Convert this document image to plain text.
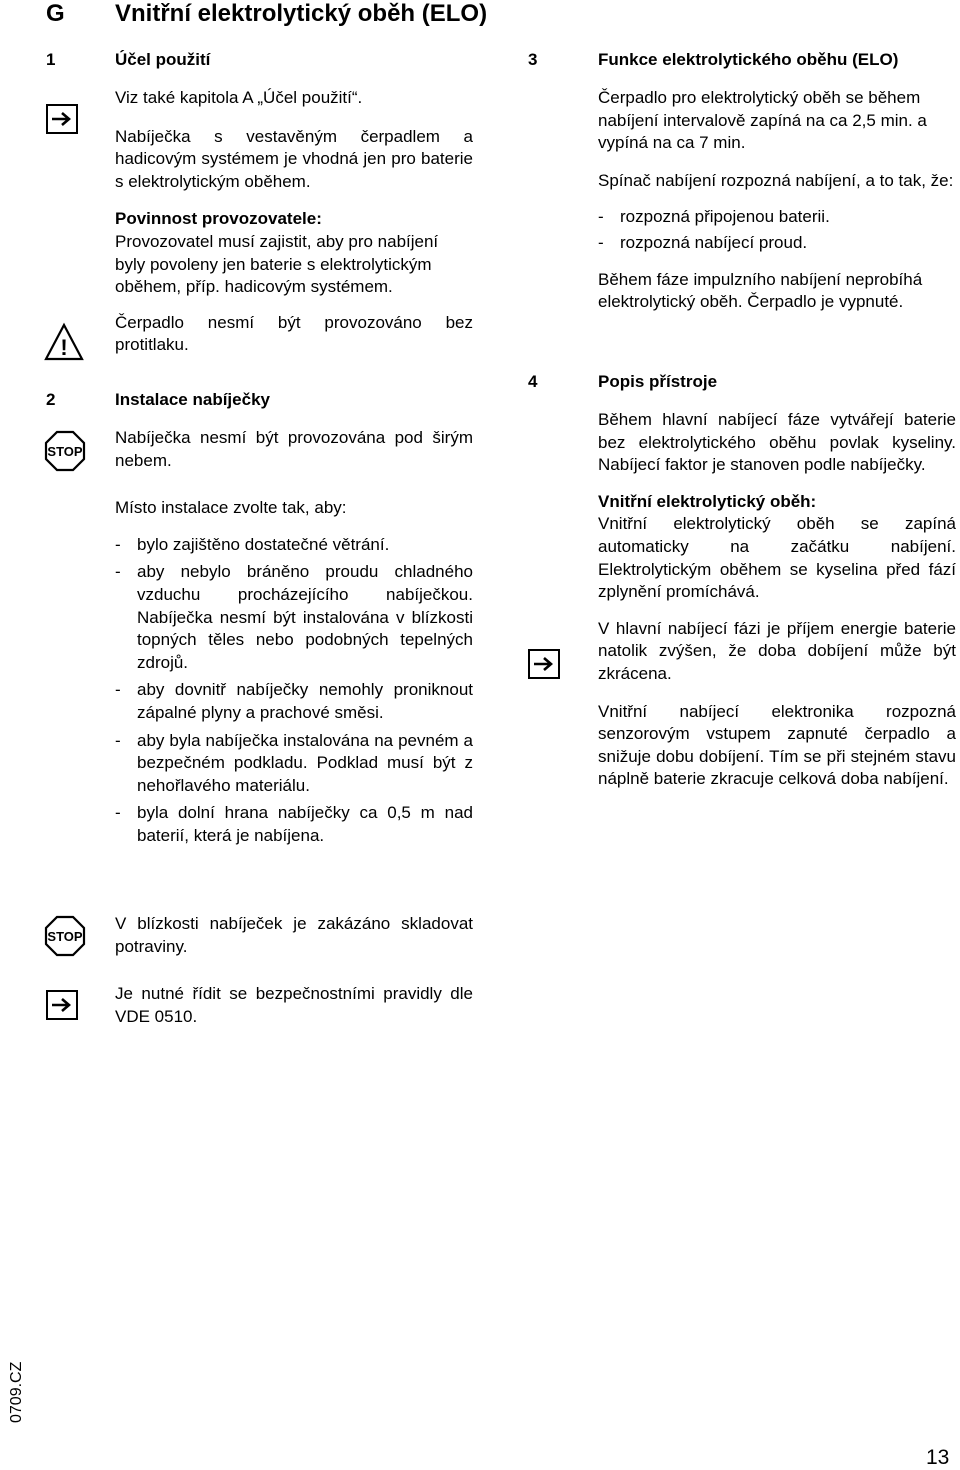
G Vnitřní elektrolytický oběh (ELO)
1	Účel použití

Viz také kapitola A „Účel použití“.

Nabíječka s vestavěným čerpadlem a hadicovým systémem je vhodná jen pro baterie s elektrolytickým oběhem.

Povinnost provozovatele:

Provozovatel musí zajistit, aby pro nabíjení byly povoleny jen baterie s elektrolytickým oběhem, příp. hadicovým systémem.

Čerpadlo nesmí být provozováno bez protitlaku.

!
2	Instalace nabíječky
STOP

Nabíječka nesmí být provozována pod širým nebem.

Místo instalace zvolte tak, aby:

- bylo zajištěno dostatečné větrání.

- aby nebylo bráněno proudu chladného vzduchu procházejícího nabíječkou. Nabíječka nesmí být instalována v blízkosti topných těles nebo podobných tepelných zdrojů.

- aby dovnitř nabíječky nemohly proniknout zápalné plyny a prachové směsi.

- aby byla nabíječka instalována na pevném a bezpečném podkladu. Podklad musí být z nehořlavého materiálu.

- byla dolní hrana nabíječky ca 0,5 m nad baterií, která je nabíjena.

STOP
V blízkosti nabíječek je zakázáno skladovat potraviny.
Je nutné řídit se bezpečnostními pravidly dle VDE 0510.
3	Funkce elektrolytického oběhu (ELO)

Čerpadlo pro elektrolytický oběh se během nabíjení intervalově zapíná na ca 2,5 min. a vypíná na ca 7 min.

Spínač nabíjení rozpozná nabíjení, a to tak, že:

- rozpozná připojenou baterii.

- rozpozná nabíjecí proud.

Během fáze impulzního nabíjení neprobíhá elektrolytický oběh. Čerpadlo je vypnuté.

4	Popis přístroje

Během hlavní nabíjecí fáze vytvářejí baterie bez elektrolytického oběhu povlak kyseliny. Nabíjecí faktor je stanoven podle nabíječky.

Vnitřní elektrolytický oběh:

Vnitřní elektrolytický oběh se zapíná automaticky na začátku nabíjení. Elektrolytickým oběhem se kyselina před fází zplynění promíchává.

V hlavní nabíjecí fázi je příjem energie baterie natolik zvýšen, že doba dobíjení může být zkrácena.

Vnitřní nabíjecí elektronika rozpozná senzorovým vstupem zapnuté čerpadlo a snižuje dobu dobíjení. Tím se při stejném stavu náplně baterie zkracuje celková doba nabíjení.

0709.CZ
13
